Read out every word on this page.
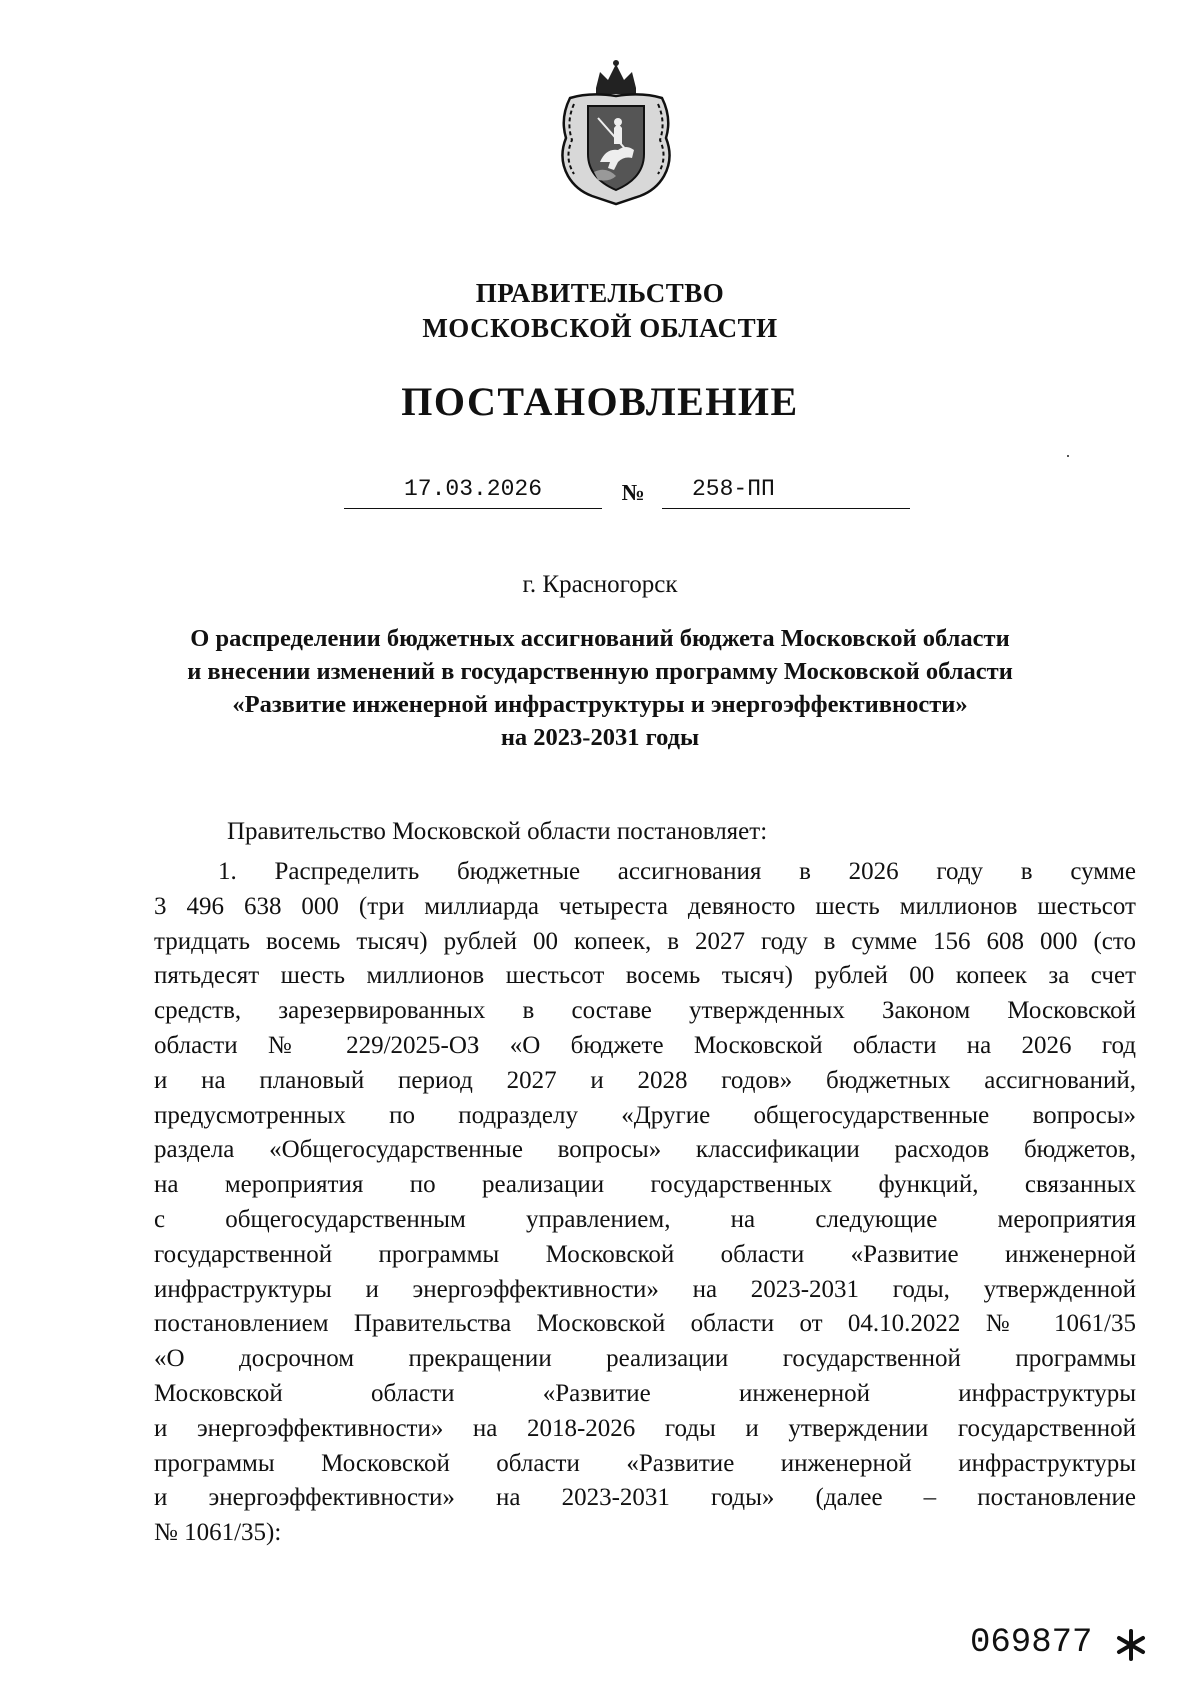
ПРАВИТЕЛЬСТВО
МОСКОВСКОЙ ОБЛАСТИ
ПОСТАНОВЛЕНИЕ
17.03.2026	№	258-ПП
г. Красногорск
О распределении бюджетных ассигнований бюджета Московской области
и внесении изменений в государственную программу Московской области
«Развитие инженерной инфраструктуры и энергоэффективности»
на 2023-2031 годы
Правительство Московской области постановляет:
1. Распределить бюджетные ассигнования в 2026 году в сумме
3 496 638 000 (три миллиарда четыреста девяносто шесть миллионов шестьсот
тридцать восемь тысяч) рублей 00 копеек, в 2027 году в сумме 156 608 000 (сто
пятьдесят шесть миллионов шестьсот восемь тысяч) рублей 00 копеек за счет
средств, зарезервированных в составе утвержденных Законом Московской
области № 229/2025-ОЗ «О бюджете Московской области на 2026 год
и на плановый период 2027 и 2028 годов» бюджетных ассигнований,
предусмотренных по подразделу «Другие общегосударственные вопросы»
раздела «Общегосударственные вопросы» классификации расходов бюджетов,
на мероприятия по реализации государственных функций, связанных
с общегосударственным управлением, на следующие мероприятия
государственной программы Московской области «Развитие инженерной
инфраструктуры и энергоэффективности» на 2023-2031 годы, утвержденной
постановлением Правительства Московской области от 04.10.2022 № 1061/35
«О досрочном прекращении реализации государственной программы
Московской области «Развитие инженерной инфраструктуры
и энергоэффективности» на 2018-2026 годы и утверждении государственной
программы Московской области «Развитие инженерной инфраструктуры
и энергоэффективности» на 2023-2031 годы» (далее – постановление
№ 1061/35):
069877
